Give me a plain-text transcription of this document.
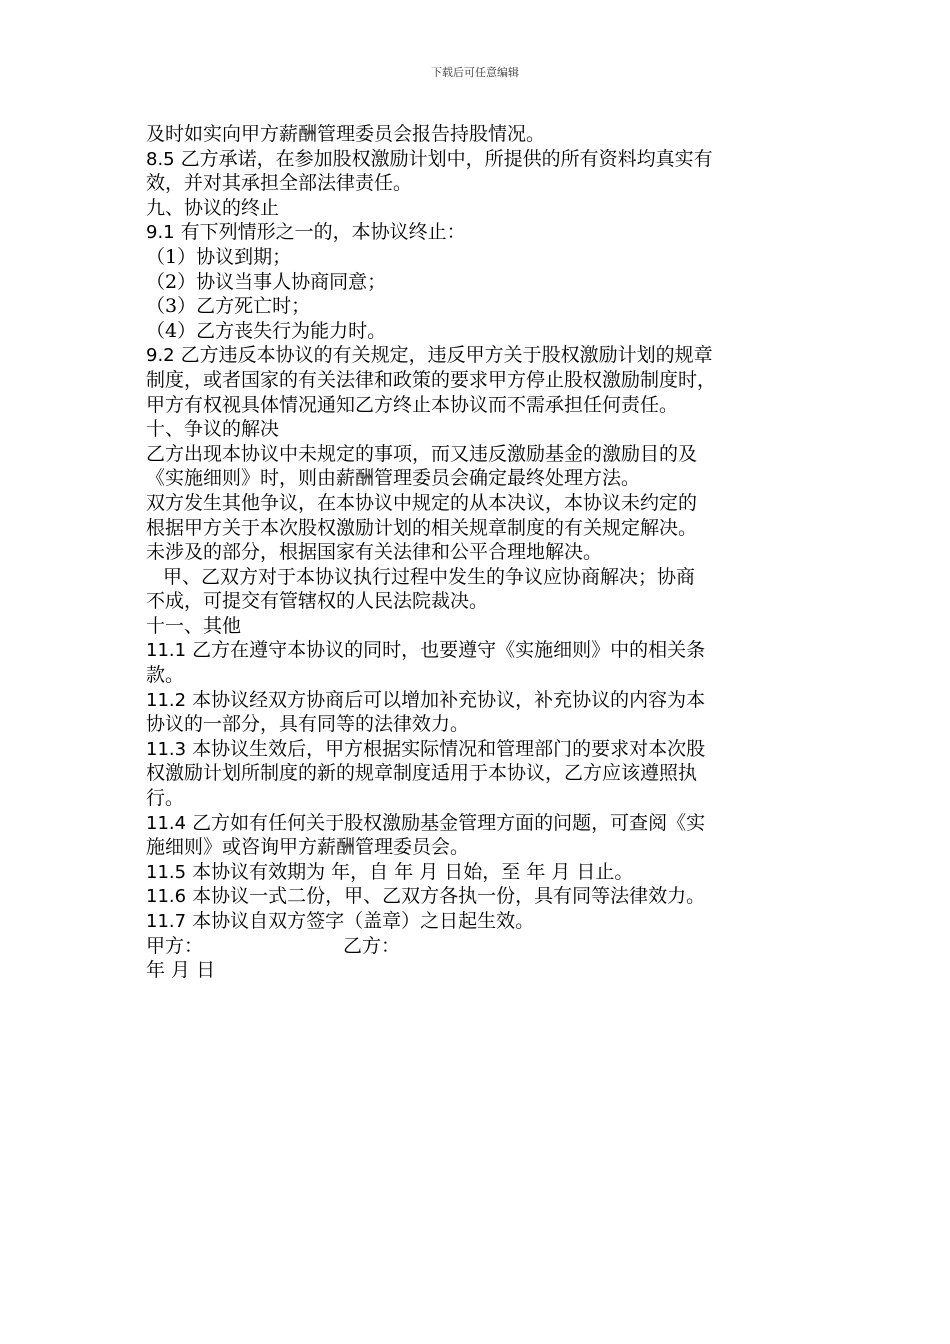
下载后可任意编辑
及时如实向甲方薪酬管理委员会报告持股情况。
8.5 乙方承诺，在参加股权激励计划中，所提供的所有资料均真实有
效，并对其承担全部法律责任。
九、协议的终止
9.1 有下列情形之一的，本协议终止：
（1）协议到期；
（2）协议当事人协商同意；
（3）乙方死亡时；
（4）乙方丧失行为能力时。
9.2 乙方违反本协议的有关规定，违反甲方关于股权激励计划的规章
制度，或者国家的有关法律和政策的要求甲方停止股权激励制度时，
甲方有权视具体情况通知乙方终止本协议而不需承担任何责任。
十、争议的解决
乙方出现本协议中未规定的事项，而又违反激励基金的激励目的及
《实施细则》时，则由薪酬管理委员会确定最终处理方法。
双方发生其他争议，在本协议中规定的从本决议，本协议未约定的
根据甲方关于本次股权激励计划的相关规章制度的有关规定解决。
未涉及的部分，根据国家有关法律和公平合理地解决。
甲、乙双方对于本协议执行过程中发生的争议应协商解决；协商
不成，可提交有管辖权的人民法院裁决。
十一、其他
11.1 乙方在遵守本协议的同时，也要遵守《实施细则》中的相关条
款。
11.2 本协议经双方协商后可以增加补充协议，补充协议的内容为本
协议的一部分，具有同等的法律效力。
11.3 本协议生效后，甲方根据实际情况和管理部门的要求对本次股
权激励计划所制度的新的规章制度适用于本协议，乙方应该遵照执
行。
11.4 乙方如有任何关于股权激励基金管理方面的问题，可查阅《实
施细则》或咨询甲方薪酬管理委员会。
11.5 本协议有效期为 年，自 年 月 日始，至 年 月 日止。
11.6 本协议一式二份，甲、乙双方各执一份，具有同等法律效力。
11.7 本协议自双方签字（盖章）之日起生效。
甲方：	乙方：
年 月 日
